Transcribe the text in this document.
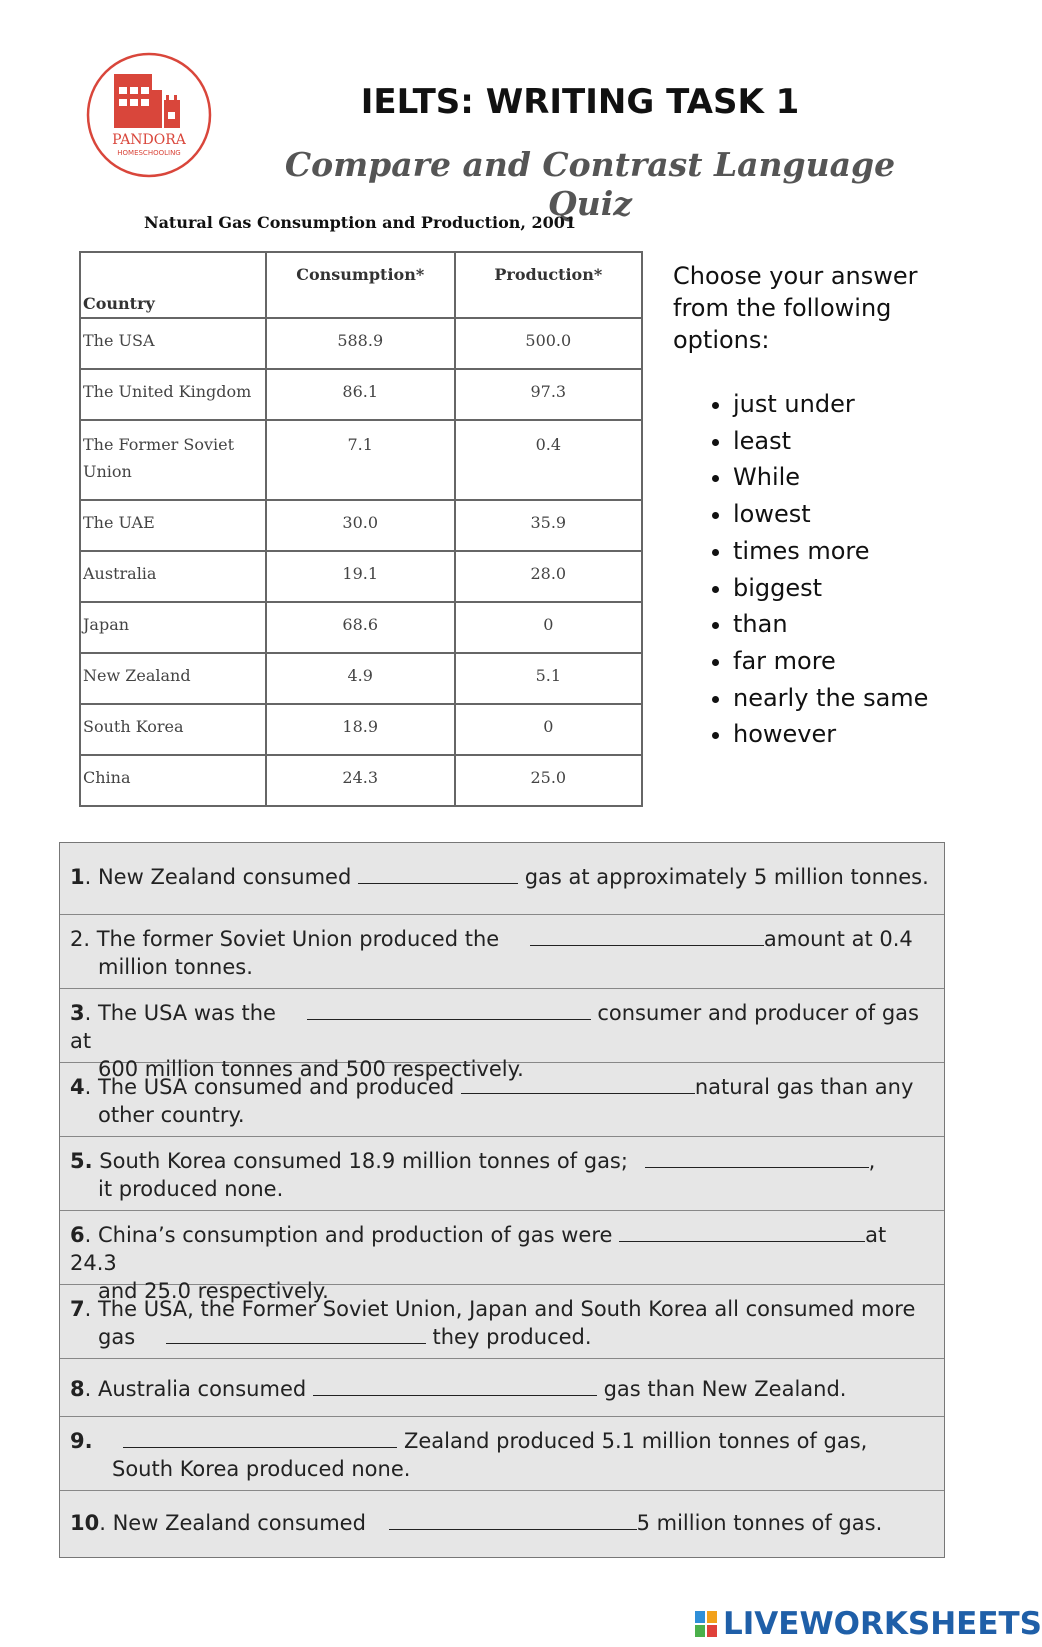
PANDORA
HOMESCHOOLING
IELTS: WRITING TASK 1
Compare and Contrast Language Quiz
Natural Gas Consumption and Production, 2001
Country	Consumption*	Production*
The USA	588.9	500.0
The United Kingdom	86.1	97.3
The Former Soviet Union	7.1	0.4
The UAE	30.0	35.9
Australia	19.1	28.0
Japan	68.6	0
New Zealand	4.9	5.1
South Korea	18.9	0
China	24.3	25.0

Choose your answer from the following options:

• just under
• least
• While
• lowest
• times more
• biggest
• than
• far more
• nearly the same
• however
1. New Zealand consumed	gas at approximately 5 million tonnes.
2. The former Soviet Union produced the	amount at 0.4
million tonnes.
3. The USA was the	consumer and producer of gas at
600 million tonnes and 500 respectively.
4. The USA consumed and produced	natural gas than any
other country.
5. South Korea consumed 18.9 million tonnes of gas;	,
it produced none.
6. China’s consumption and production of gas were	at 24.3
and 25.0 respectively.
7. The USA, the Former Soviet Union, Japan and South Korea all consumed more
gas	they produced.
8. Australia consumed	gas than New Zealand.
9.	Zealand produced 5.1 million tonnes of gas,
South Korea produced none.
10. New Zealand consumed	5 million tonnes of gas.
LIVEWORKSHEETS
